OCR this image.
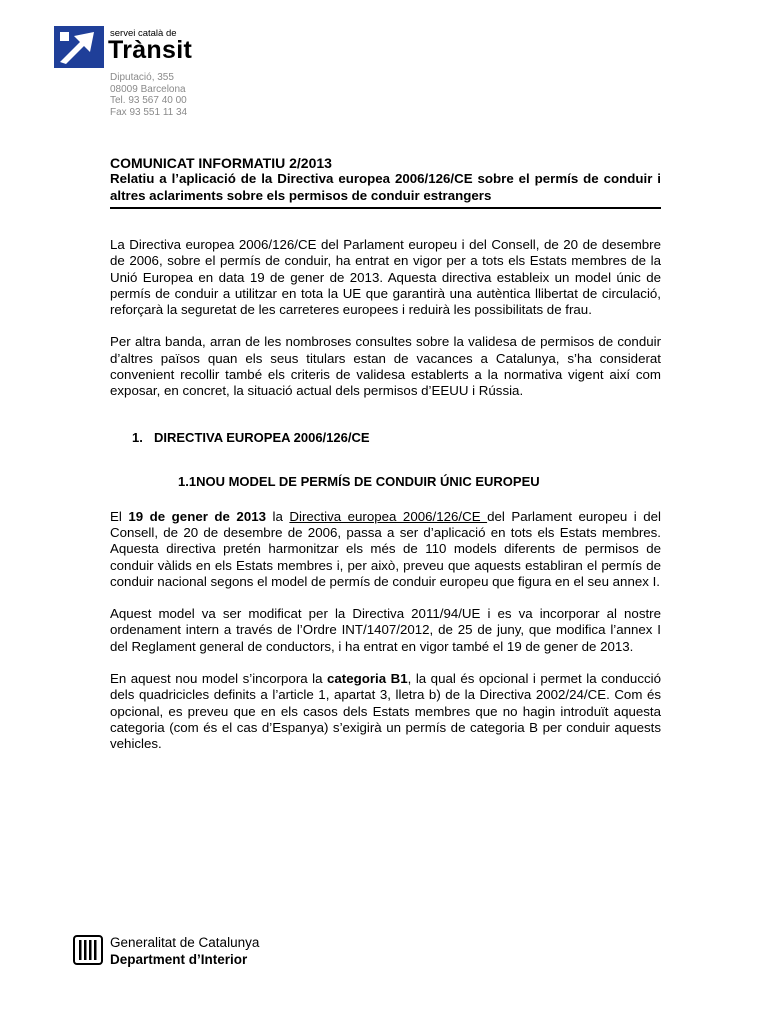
servei català de
Trànsit
Diputació, 355
08009 Barcelona
Tel. 93 567 40 00
Fax 93 551 11 34
COMUNICAT INFORMATIU 2/2013
Relatiu a l’aplicació de la Directiva europea 2006/126/CE sobre el permís de conduir i altres aclariments sobre els permisos de conduir estrangers

La Directiva europea 2006/126/CE del Parlament europeu i del Consell, de 20 de desembre de 2006, sobre el permís de conduir, ha entrat en vigor per a tots els Estats membres de la Unió Europea en data 19 de gener de 2013. Aquesta directiva estableix un model únic de permís de conduir a utilitzar en tota la UE que garantirà una autèntica llibertat de circulació, reforçarà la seguretat de les carreteres europees i reduirà les possibilitats de frau.

Per altra banda, arran de les nombroses consultes sobre la validesa de permisos de conduir d’altres països quan els seus titulars estan de vacances a Catalunya, s’ha considerat convenient recollir també els criteris de validesa establerts a la normativa vigent així com exposar, en concret, la situació actual dels permisos d’EEUU i Rússia.

1. DIRECTIVA EUROPEA 2006/126/CE
1.1NOU MODEL DE PERMÍS DE CONDUIR ÚNIC EUROPEU

El 19 de gener de 2013 la Directiva europea 2006/126/CE del Parlament europeu i del Consell, de 20 de desembre de 2006, passa a ser d’aplicació en tots els Estats membres. Aquesta directiva pretén harmonitzar els més de 110 models diferents de permisos de conduir vàlids en els Estats membres i, per això, preveu que aquests establiran el permís de conduir nacional segons el model de permís de conduir europeu que figura en el seu annex I.

Aquest model va ser modificat per la Directiva 2011/94/UE i es va incorporar al nostre ordenament intern a través de l’Ordre INT/1407/2012, de 25 de juny, que modifica l’annex I del Reglament general de conductors, i ha entrat en vigor també el 19 de gener de 2013.

En aquest nou model s’incorpora la categoria B1, la qual és opcional i permet la conducció dels quadricicles definits a l’article 1, apartat 3, lletra b) de la Directiva 2002/24/CE. Com és opcional, es preveu que en els casos dels Estats membres que no hagin introduït aquesta categoria (com és el cas d’Espanya) s’exigirà un permís de categoria B per conduir aquests vehicles.

Generalitat de Catalunya
Department d’Interior
